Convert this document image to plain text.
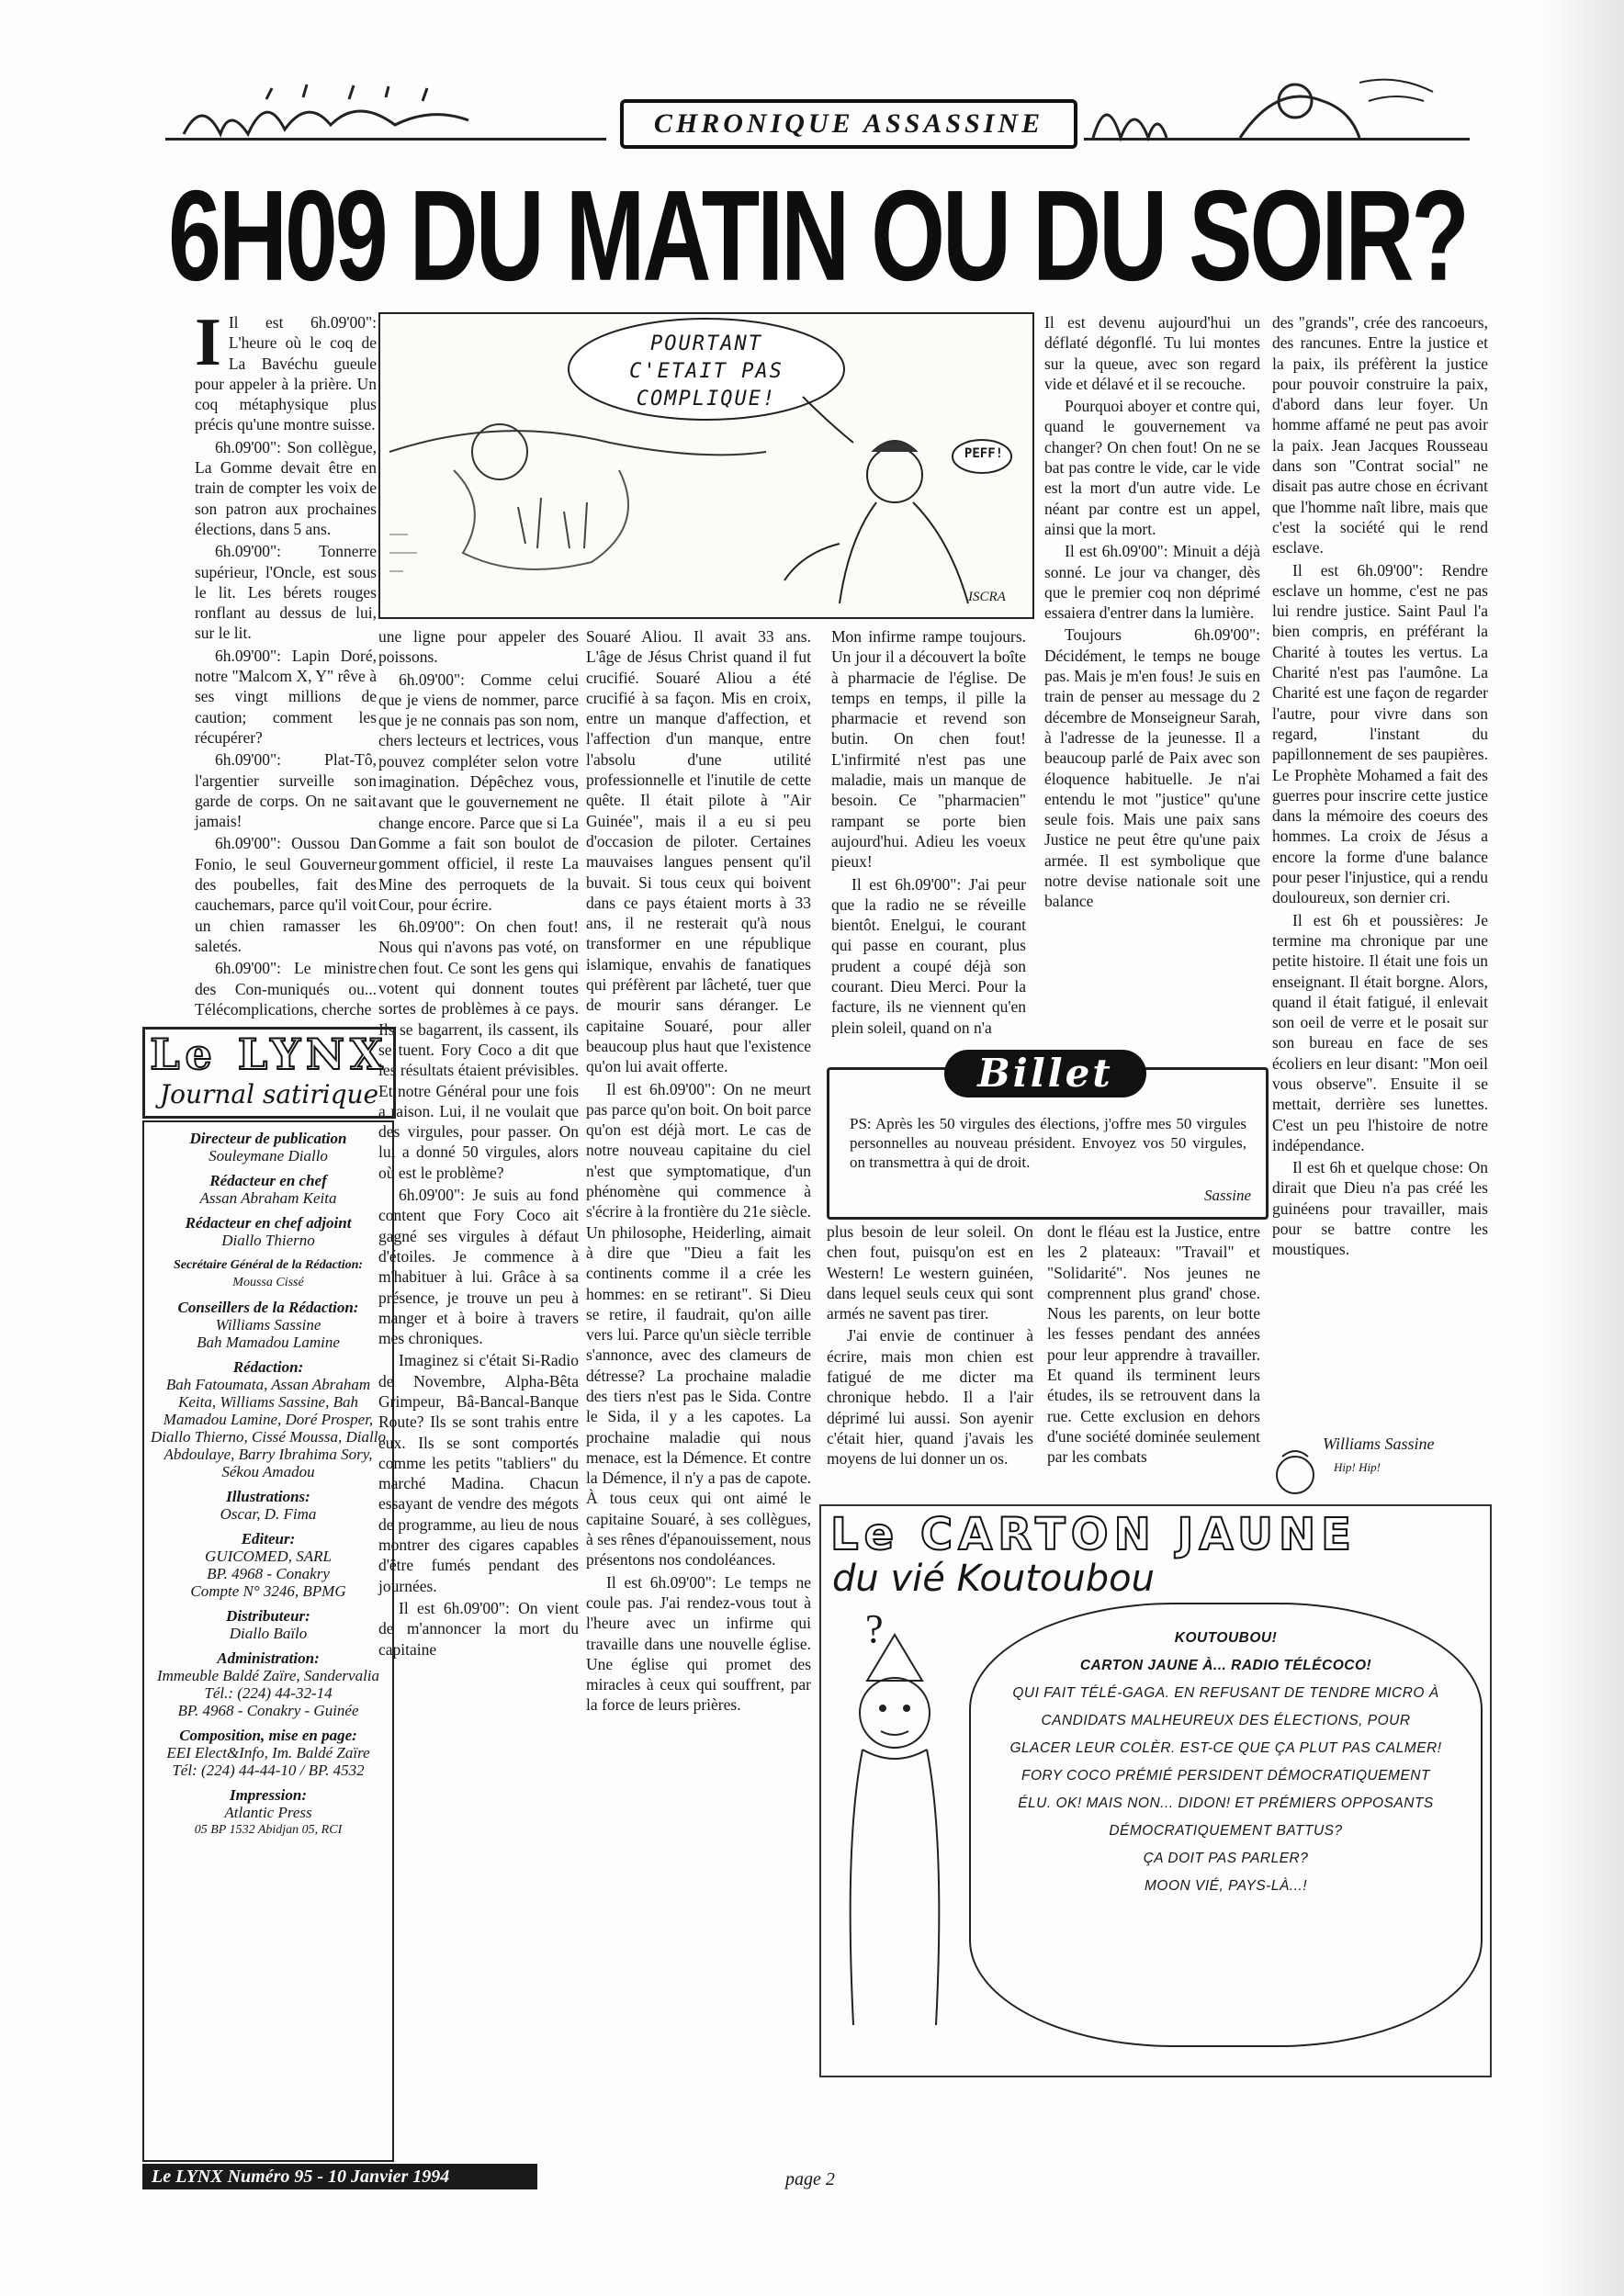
CHRONIQUE ASSASSINE
6H09 DU MATIN OU DU SOIR?
I Il est 6h.09'00": L'heure où le coq de La Bavéchu gueule pour appeler à la prière. Un coq métaphysique plus précis qu'une montre suisse.

6h.09'00": Son collègue, La Gomme devait être en train de compter les voix de son patron aux prochaines élections, dans 5 ans.

6h.09'00": Tonnerre supérieur, l'Oncle, est sous le lit. Les bérets rouges ronflant au dessus de lui, sur le lit.

6h.09'00": Lapin Doré, notre "Malcom X, Y" rêve à ses vingt millions de caution; comment les récupérer?

6h.09'00": Plat-Tô, l'argentier surveille son garde de corps. On ne sait jamais!

6h.09'00": Oussou Dan Fonio, le seul Gouverneur des poubelles, fait des cauchemars, parce qu'il voit un chien ramasser les saletés.

6h.09'00": Le ministre des Con-muniqués ou... Télécomplications, cherche

POURTANT
C'ETAIT PAS
COMPLIQUE!
PEFF!
ISCRA

une ligne pour appeler des poissons.

6h.09'00": Comme celui que je viens de nommer, parce que je ne connais pas son nom, chers lecteurs et lectrices, vous pouvez compléter selon votre imagination. Dépêchez vous, avant que le gouvernement ne change encore. Parce que si La Gomme a fait son boulot de gomment officiel, il reste La Mine des perroquets de la Cour, pour écrire.

6h.09'00": On chen fout! Nous qui n'avons pas voté, on chen fout. Ce sont les gens qui votent qui donnent toutes sortes de problèmes à ce pays. Ils se bagarrent, ils cassent, ils se tuent. Fory Coco a dit que les résultats étaient prévisibles. Et notre Général pour une fois a raison. Lui, il ne voulait que des virgules, pour passer. On lui a donné 50 virgules, alors où est le problème?

6h.09'00": Je suis au fond content que Fory Coco ait gagné ses virgules à défaut d'étoiles. Je commence à m'habituer à lui. Grâce à sa présence, je trouve un peu à manger et à boire à travers mes chroniques.

Imaginez si c'était Si-Radio de Novembre, Alpha-Bêta Grimpeur, Bâ-Bancal-Banque Route? Ils se sont trahis entre eux. Ils se sont comportés comme les petits "tabliers" du marché Madina. Chacun essayant de vendre des mégots de programme, au lieu de nous montrer des cigares capables d'être fumés pendant des journées.

Il est 6h.09'00": On vient de m'annoncer la mort du capitaine

Souaré Aliou. Il avait 33 ans. L'âge de Jésus Christ quand il fut crucifié. Souaré Aliou a été crucifié à sa façon. Mis en croix, entre un manque d'affection, et l'affection d'un manque, entre l'absolu d'une utilité professionnelle et l'inutile de cette quête. Il était pilote à "Air Guinée", mais il a eu si peu d'occasion de piloter. Certaines mauvaises langues pensent qu'il buvait. Si tous ceux qui boivent dans ce pays étaient morts à 33 ans, il ne resterait qu'à nous transformer en une république islamique, envahis de fanatiques qui préfèrent par lâcheté, tuer que de mourir sans déranger. Le capitaine Souaré, pour aller beaucoup plus haut que l'existence qu'on lui avait offerte.

Il est 6h.09'00": On ne meurt pas parce qu'on boit. On boit parce qu'on est déjà mort. Le cas de notre nouveau capitaine du ciel n'est que symptomatique, d'un phénomène qui commence à s'écrire à la frontière du 21e siècle. Un philosophe, Heiderling, aimait à dire que "Dieu a fait les continents comme il a crée les hommes: en se retirant". Si Dieu se retire, il faudrait, qu'on aille vers lui. Parce qu'un siècle terrible s'annonce, avec des clameurs de détresse? La prochaine maladie des tiers n'est pas le Sida. Contre le Sida, il y a les capotes. La prochaine maladie qui nous menace, est la Démence. Et contre la Démence, il n'y a pas de capote. À tous ceux qui ont aimé le capitaine Souaré, à ses collègues, à ses rênes d'épanouissement, nous présentons nos condoléances.

Il est 6h.09'00": Le temps ne coule pas. J'ai rendez-vous tout à l'heure avec un infirme qui travaille dans une nouvelle église. Une église qui promet des miracles à ceux qui souffrent, par la force de leurs prières.

Mon infirme rampe toujours. Un jour il a découvert la boîte à pharmacie de l'église. De temps en temps, il pille la pharmacie et revend son butin. On chen fout! L'infirmité n'est pas une maladie, mais un manque de besoin. Ce "pharmacien" rampant se porte bien aujourd'hui. Adieu les voeux pieux!

Il est 6h.09'00": J'ai peur que la radio ne se réveille bientôt. Enelgui, le courant qui passe en courant, plus prudent a coupé déjà son courant. Dieu Merci. Pour la facture, ils ne viennent qu'en plein soleil, quand on n'a

plus besoin de leur soleil. On chen fout, puisqu'on est en Western! Le western guinéen, dans lequel seuls ceux qui sont armés ne savent pas tirer.

J'ai envie de continuer à écrire, mais mon chien est fatigué de me dicter ma chronique hebdo. Il a l'air déprimé lui aussi. Son ayenir c'était hier, quand j'avais les moyens de lui donner un os.

Il est devenu aujourd'hui un déflaté dégonflé. Tu lui montes sur la queue, avec son regard vide et délavé et il se recouche.

Pourquoi aboyer et contre qui, quand le gouvernement va changer? On chen fout! On ne se bat pas contre le vide, car le vide est la mort d'un autre vide. Le néant par contre est un appel, ainsi que la mort.

Il est 6h.09'00": Minuit a déjà sonné. Le jour va changer, dès que le premier coq non déprimé essaiera d'entrer dans la lumière.

Toujours 6h.09'00": Décidément, le temps ne bouge pas. Mais je m'en fous! Je suis en train de penser au message du 2 décembre de Monseigneur Sarah, à l'adresse de la jeunesse. Il a beaucoup parlé de Paix avec son éloquence habituelle. Je n'ai entendu le mot "justice" qu'une seule fois. Mais une paix sans Justice ne peut être qu'une paix armée. Il est symbolique que notre devise nationale soit une balance

dont le fléau est la Justice, entre les 2 plateaux: "Travail" et "Solidarité". Nos jeunes ne comprennent plus grand' chose. Nous les parents, on leur botte les fesses pendant des années pour leur apprendre à travailler. Et quand ils terminent leurs études, ils se retrouvent dans la rue. Cette exclusion en dehors d'une société dominée seulement par les combats

des "grands", crée des rancoeurs, des rancunes. Entre la justice et la paix, ils préfèrent la justice pour pouvoir construire la paix, d'abord dans leur foyer. Un homme affamé ne peut pas avoir la paix. Jean Jacques Rousseau dans son "Contrat social" ne disait pas autre chose en écrivant que l'homme naît libre, mais que c'est la société qui le rend esclave.

Il est 6h.09'00": Rendre esclave un homme, c'est ne pas lui rendre justice. Saint Paul l'a bien compris, en préférant la Charité à toutes les vertus. La Charité n'est pas l'aumône. La Charité est une façon de regarder l'autre, pour vivre dans son regard, l'instant du papillonnement de ses paupières. Le Prophète Mohamed a fait des guerres pour inscrire cette justice dans la mémoire des coeurs des hommes. La croix de Jésus a encore la forme d'une balance pour peser l'injustice, qui a rendu douloureux, son dernier cri.

Il est 6h et poussières: Je termine ma chronique par une petite histoire. Il était une fois un enseignant. Il était borgne. Alors, quand il était fatigué, il enlevait son oeil de verre et le posait sur son bureau en face de ses écoliers en leur disant: "Mon oeil vous observe". Ensuite il se mettait, derrière ses lunettes. C'est un peu l'histoire de notre indépendance.

Il est 6h et quelque chose: On dirait que Dieu n'a pas créé les guinéens pour travailler, mais pour se battre contre les moustiques.

Williams Sassine
Hip! Hip!
Le LYNX
Journal satirique
Directeur de publication
Souleymane Diallo
Rédacteur en chef
Assan Abraham Keita
Rédacteur en chef adjoint
Diallo Thierno
Secrétaire Général de la Rédaction:
Moussa Cissé
Conseillers de la Rédaction:
Williams Sassine
Bah Mamadou Lamine
Rédaction:
Bah Fatoumata, Assan Abraham Keita, Williams Sassine, Bah Mamadou Lamine, Doré Prosper, Diallo Thierno, Cissé Moussa, Diallo Abdoulaye, Barry Ibrahima Sory, Sékou Amadou
Illustrations:
Oscar, D. Fima
Editeur:
GUICOMED, SARL
BP. 4968 - Conakry
Compte N° 3246, BPMG
Distributeur:
Diallo Baïlo
Administration:
Immeuble Baldé Zaïre, Sandervalia
Tél.: (224) 44-32-14
BP. 4968 - Conakry - Guinée
Composition, mise en page:
EEI Elect&Info, Im. Baldé Zaïre
Tél: (224) 44-44-10 / BP. 4532
Impression:
Atlantic Press
05 BP 1532 Abidjan 05, RCI
Billet
PS: Après les 50 virgules des élections, j'offre mes 50 virgules personnelles au nouveau président. Envoyez vos 50 virgules, on transmettra à qui de droit.
Sassine
Le CARTON JAUNE
du vié Koutoubou
?	KOUTOUBOU!
CARTON JAUNE À... RADIO TÉLÉCOCO!
QUI FAIT TÉLÉ-GAGA. EN REFUSANT DE TENDRE MICRO À
CANDIDATS MALHEUREUX DES ÉLECTIONS, POUR
GLACER LEUR COLÈR. EST-CE QUE ÇA PLUT PAS CALMER!
FORY COCO PRÉMIÉ PERSIDENT DÉMOCRATIQUEMENT
ÉLU. OK! MAIS NON... DIDON! ET PRÉMIERS OPPOSANTS
DÉMOCRATIQUEMENT BATTUS?
ÇA DOIT PAS PARLER?
MOON VIÉ, PAYS-LÀ...!
Le LYNX Numéro 95 - 10 Janvier 1994	page 2
